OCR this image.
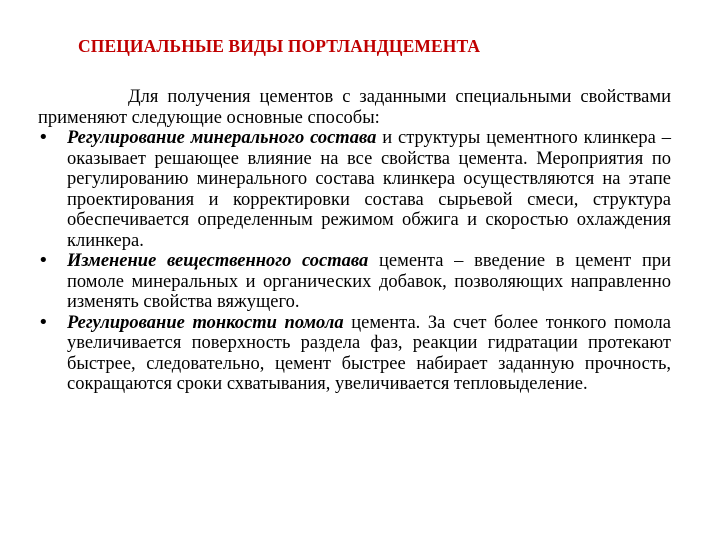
СПЕЦИАЛЬНЫЕ ВИДЫ ПОРТЛАНДЦЕМЕНТА

Для получения цементов с заданными специальными свойствами применяют следующие основные способы:

• Регулирование минерального состава и структуры цементного клинкера – оказывает решающее влияние на все свойства цемента. Мероприятия по регулированию минерального состава клинкера осуществляются на этапе проектирования и корректировки состава сырьевой смеси, структура обеспечивается определенным режимом обжига и скоростью охлаждения клинкера.
• Изменение вещественного состава цемента – введение в цемент при помоле минеральных и органических добавок, позволяющих направленно изменять свойства вяжущего.
• Регулирование тонкости помола цемента. За счет более тонкого помола увеличивается поверхность раздела фаз, реакции гидратации протекают быстрее, следовательно, цемент быстрее набирает заданную прочность, сокращаются сроки схватывания, увеличивается тепловыделение.
